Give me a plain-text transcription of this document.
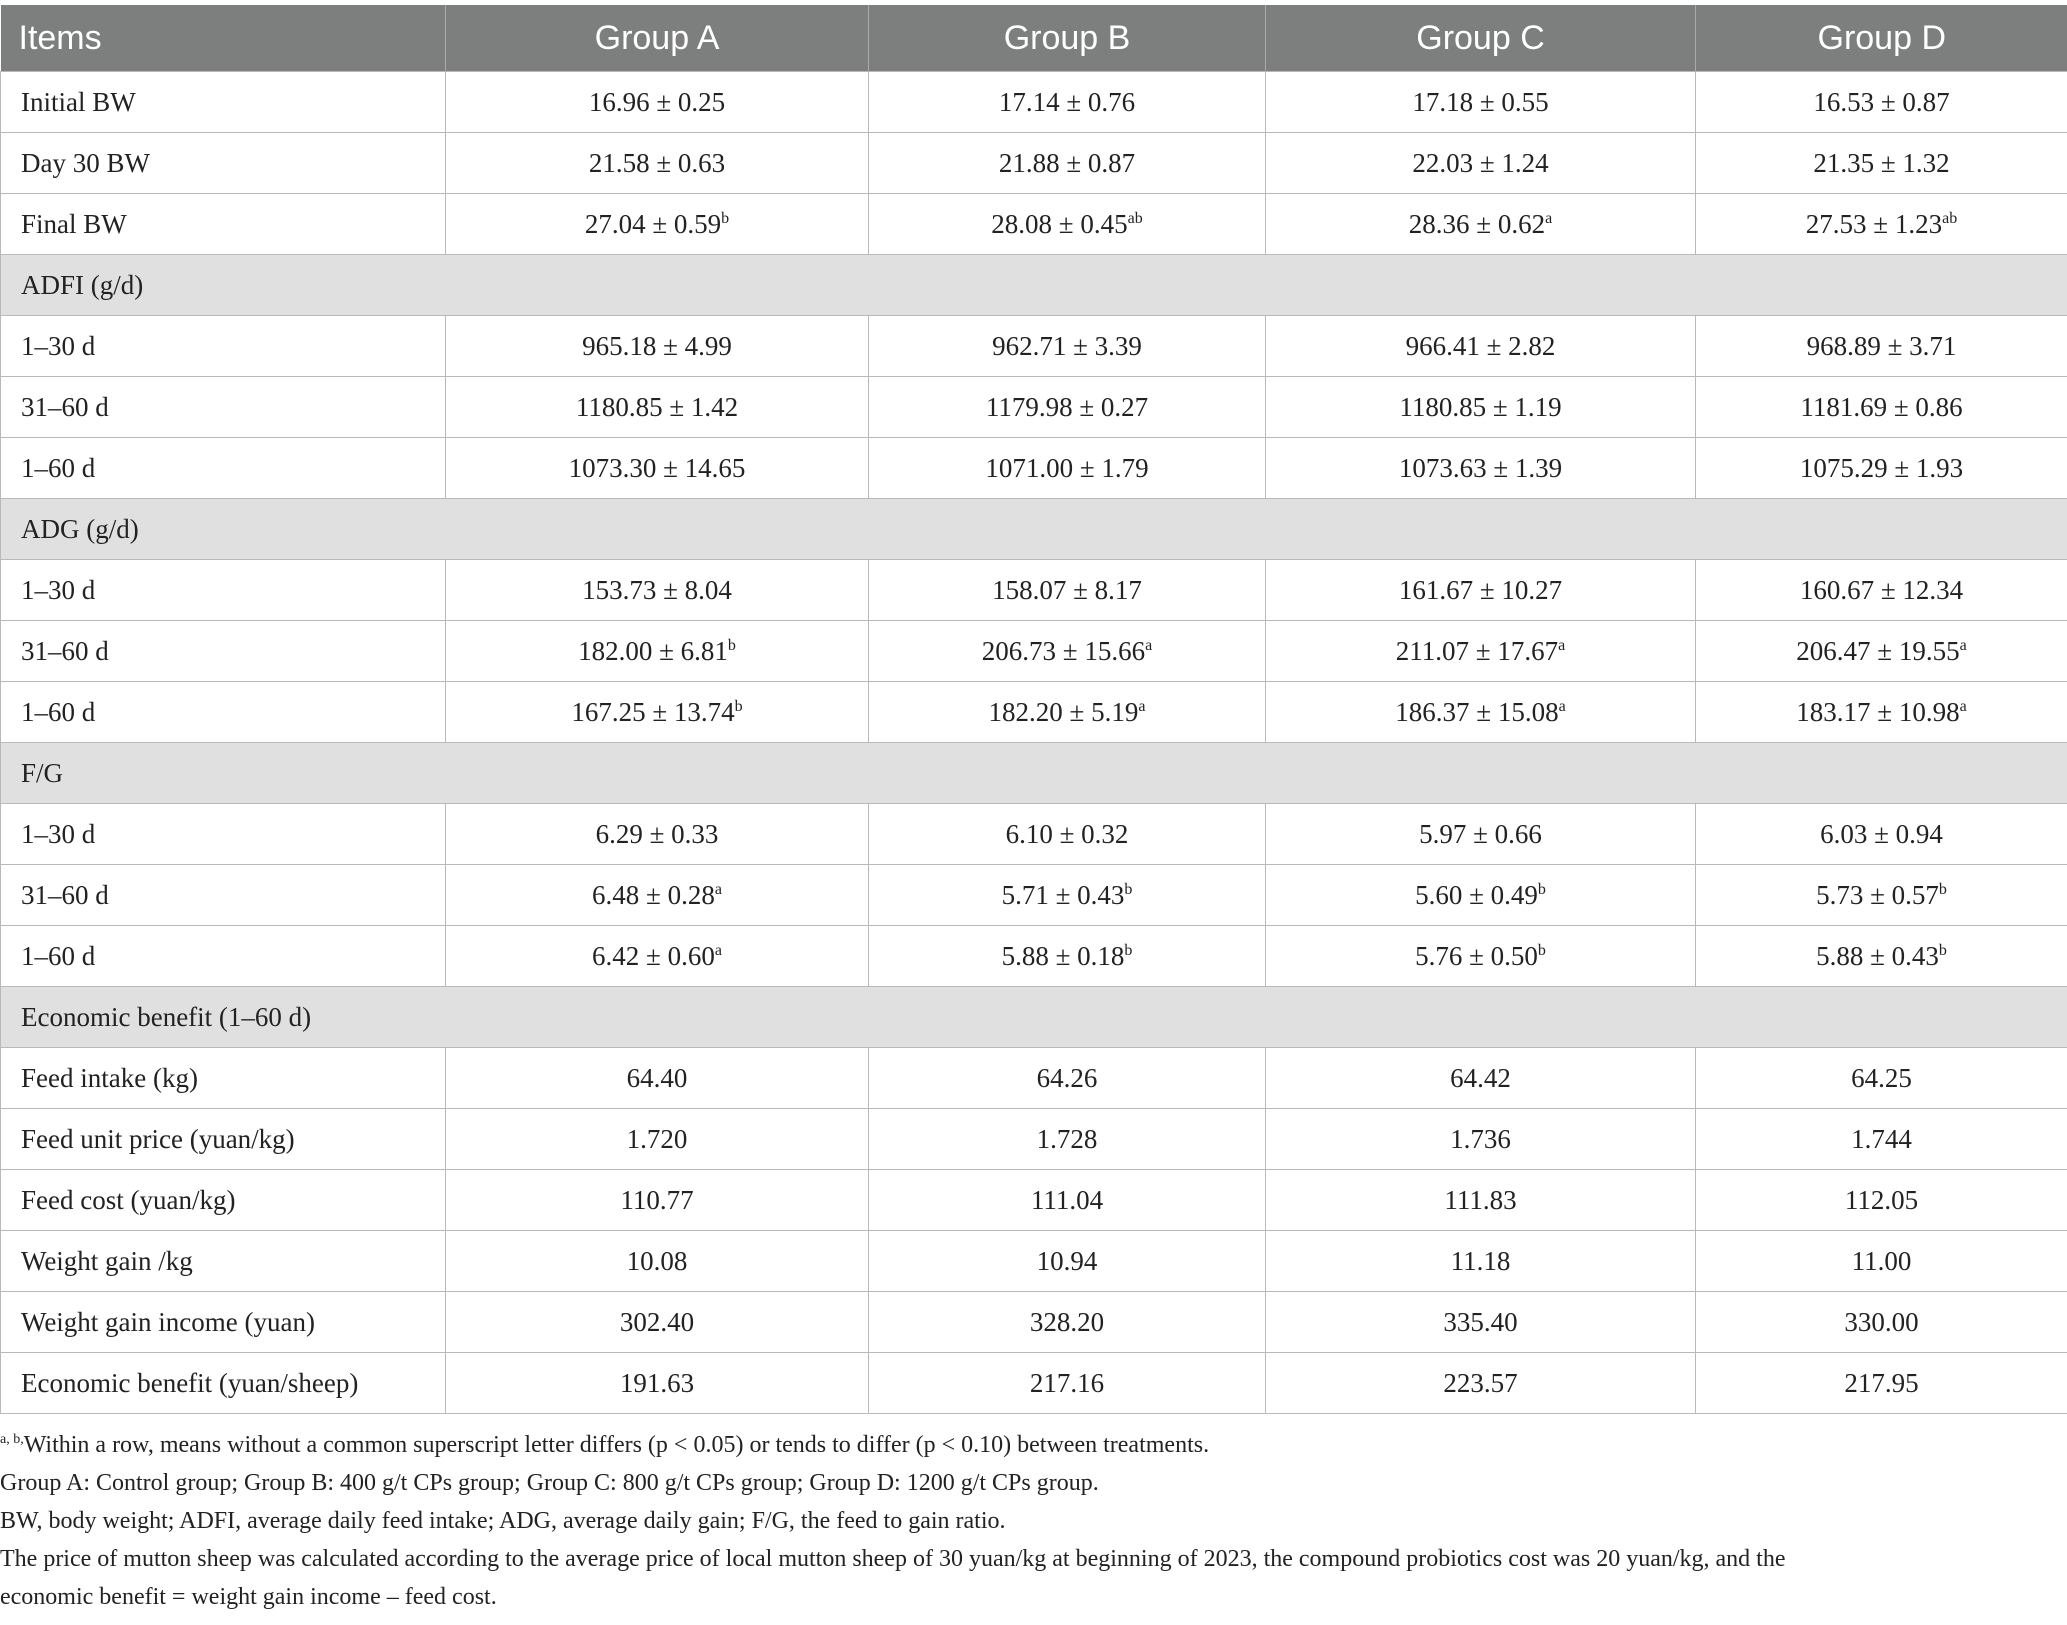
Items	Group A	Group B	Group C	Group D
Initial BW	16.96 ± 0.25	17.14 ± 0.76	17.18 ± 0.55	16.53 ± 0.87
Day 30 BW	21.58 ± 0.63	21.88 ± 0.87	22.03 ± 1.24	21.35 ± 1.32
Final BW	27.04 ± 0.59$^b$	28.08 ± 0.45$^{ab}$	28.36 ± 0.62$^a$	27.53 ± 1.23$^{ab}$
ADFI (g/d)				
1–30 d	965.18 ± 4.99	962.71 ± 3.39	966.41 ± 2.82	968.89 ± 3.71
31–60 d	1180.85 ± 1.42	1179.98 ± 0.27	1180.85 ± 1.19	1181.69 ± 0.86
1–60 d	1073.30 ± 14.65	1071.00 ± 1.79	1073.63 ± 1.39	1075.29 ± 1.93
ADG (g/d)				
1–30 d	153.73 ± 8.04	158.07 ± 8.17	161.67 ± 10.27	160.67 ± 12.34
31–60 d	182.00 ± 6.81$^b$	206.73 ± 15.66$^a$	211.07 ± 17.67$^a$	206.47 ± 19.55$^a$
1–60 d	167.25 ± 13.74$^b$	182.20 ± 5.19$^a$	186.37 ± 15.08$^a$	183.17 ± 10.98$^a$
F/G				
1–30 d	6.29 ± 0.33	6.10 ± 0.32	5.97 ± 0.66	6.03 ± 0.94
31–60 d	6.48 ± 0.28$^a$	5.71 ± 0.43$^b$	5.60 ± 0.49$^b$	5.73 ± 0.57$^b$
1–60 d	6.42 ± 0.60$^a$	5.88 ± 0.18$^b$	5.76 ± 0.50$^b$	5.88 ± 0.43$^b$
Economic benefit (1–60 d)				
Feed intake (kg)	64.40	64.26	64.42	64.25
Feed unit price (yuan/kg)	1.720	1.728	1.736	1.744
Feed cost (yuan/kg)	110.77	111.04	111.83	112.05
Weight gain /kg	10.08	10.94	11.18	11.00
Weight gain income (yuan)	302.40	328.20	335.40	330.00
Economic benefit (yuan/sheep)	191.63	217.16	223.57	217.95

$^{a, b,}$Within a row, means without a common superscript letter differs (p < 0.05) or tends to differ (p < 0.10) between treatments.

Group A: Control group; Group B: 400 g/t CPs group; Group C: 800 g/t CPs group; Group D: 1200 g/t CPs group.

BW, body weight; ADFI, average daily feed intake; ADG, average daily gain; F/G, the feed to gain ratio.

The price of mutton sheep was calculated according to the average price of local mutton sheep of 30 yuan/kg at beginning of 2023, the compound probiotics cost was 20 yuan/kg, and the

economic benefit = weight gain income – feed cost.
